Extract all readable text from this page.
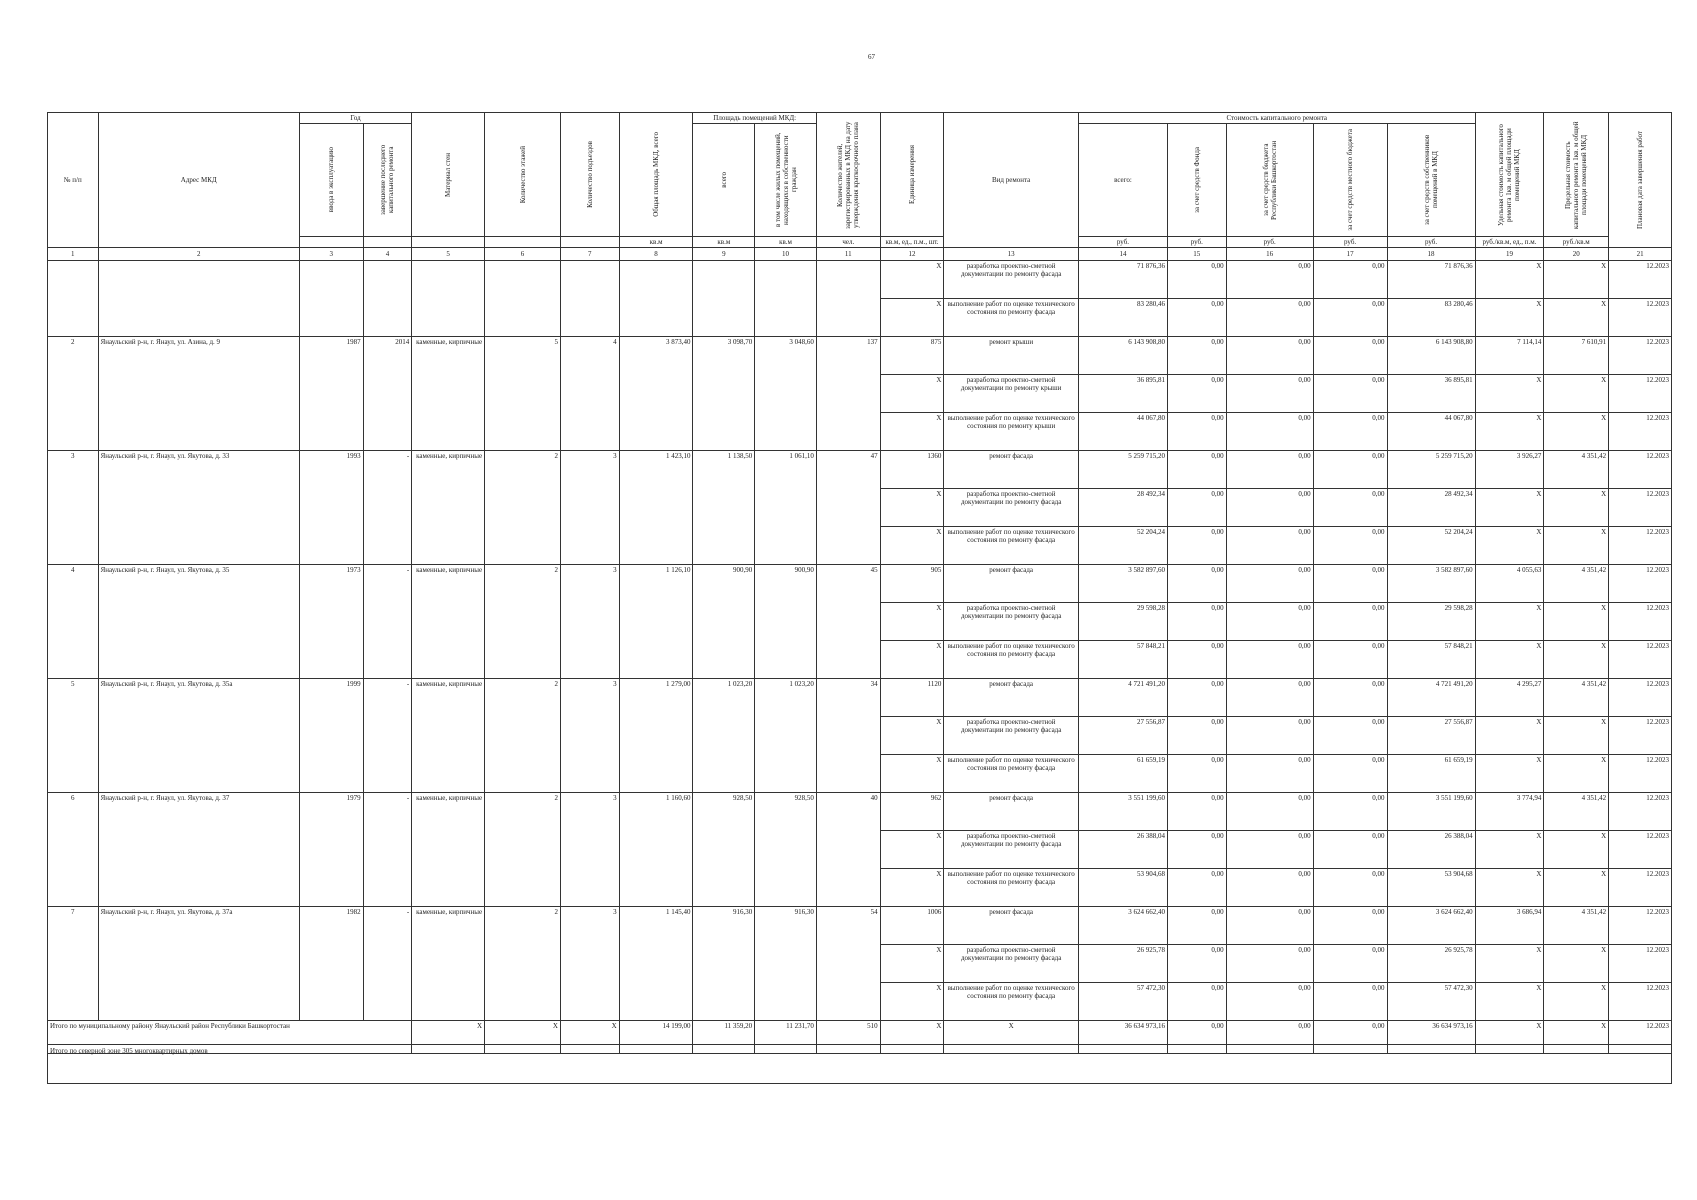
67
№ п/п	Адрес МКД	Год		Материал стен	Количество этажей	Количество подъездов	Общая площадь МКД, всего	Площадь помещений МКД:		Количество жителей, зарегистрированных в МКД на дату утверждения краткосрочного плана	Единица измерения	Вид ремонта	Стоимость капитального ремонта					Удельная стоимость капитального ремонта 1кв. м общей площади помещений МКД	Предельная стоимость капитального ремонта 1кв. м общей площади помещений МКД	Плановая дата завершения работ

		ввода в эксплуатацию	завершение последнего капитального ремонта					всего	в том числе жилых помещений, находящихся в собственности граждан				всего:	за счет средств Фонда	за счет средств бюджета Республики Башкортостан	за счет средств местного бюджета	за счет средств собственников помещений в МКД			

							кв.м	кв.м	кв.м	чел.	кв.м, ед., п.м., шт.		руб.	руб.	руб.	руб.	руб.	руб./кв.м, ед., п.м.	руб./кв.м	
1	2	3	4	5	6	7	8	9	10	11	12	13	14	15	16	17	18	19	20	21
											X	разработка проектно-сметной документации по ремонту фасада	71 876,36	0,00	0,00	0,00	71 876,36	X	X	12.2023
											X	выполнение работ по оценке технического состояния по ремонту фасада	83 280,46	0,00	0,00	0,00	83 280,46	X	X	12.2023
2	Янаульский р-н, г. Янаул, ул. Азина, д. 9	1987	2014	каменные, кирпичные	5	4	3 873,40	3 098,70	3 048,60	137	875	ремонт крыши	6 143 908,80	0,00	0,00	0,00	6 143 908,80	7 114,14	7 610,91	12.2023
											X	разработка проектно-сметной документации по ремонту крыши	36 895,81	0,00	0,00	0,00	36 895,81	X	X	12.2023
											X	выполнение работ по оценке технического состояния по ремонту крыши	44 067,80	0,00	0,00	0,00	44 067,80	X	X	12.2023
3	Янаульский р-н, г. Янаул, ул. Якутова, д. 33	1993	-	каменные, кирпичные	2	3	1 423,10	1 138,50	1 061,10	47	1360	ремонт фасада	5 259 715,20	0,00	0,00	0,00	5 259 715,20	3 926,27	4 351,42	12.2023
											X	разработка проектно-сметной документации по ремонту фасада	28 492,34	0,00	0,00	0,00	28 492,34	X	X	12.2023
											X	выполнение работ по оценке технического состояния по ремонту фасада	52 204,24	0,00	0,00	0,00	52 204,24	X	X	12.2023
4	Янаульский р-н, г. Янаул, ул. Якутова, д. 35	1973	-	каменные, кирпичные	2	3	1 126,10	900,90	900,90	45	905	ремонт фасада	3 582 897,60	0,00	0,00	0,00	3 582 897,60	4 055,63	4 351,42	12.2023
											X	разработка проектно-сметной документации по ремонту фасада	29 598,28	0,00	0,00	0,00	29 598,28	X	X	12.2023
											X	выполнение работ по оценке технического состояния по ремонту фасада	57 848,21	0,00	0,00	0,00	57 848,21	X	X	12.2023
5	Янаульский р-н, г. Янаул, ул. Якутова, д. 35а	1999	-	каменные, кирпичные	2	3	1 279,00	1 023,20	1 023,20	34	1120	ремонт фасада	4 721 491,20	0,00	0,00	0,00	4 721 491,20	4 295,27	4 351,42	12.2023
											X	разработка проектно-сметной документации по ремонту фасада	27 556,87	0,00	0,00	0,00	27 556,87	X	X	12.2023
											X	выполнение работ по оценке технического состояния по ремонту фасада	61 659,19	0,00	0,00	0,00	61 659,19	X	X	12.2023
6	Янаульский р-н, г. Янаул, ул. Якутова, д. 37	1979	-	каменные, кирпичные	2	3	1 160,60	928,50	928,50	40	962	ремонт фасада	3 551 199,60	0,00	0,00	0,00	3 551 199,60	3 774,94	4 351,42	12.2023
											X	разработка проектно-сметной документации по ремонту фасада	26 388,04	0,00	0,00	0,00	26 388,04	X	X	12.2023
											X	выполнение работ по оценке технического состояния по ремонту фасада	53 904,68	0,00	0,00	0,00	53 904,68	X	X	12.2023
7	Янаульский р-н, г. Янаул, ул. Якутова, д. 37а	1982	-	каменные, кирпичные	2	3	1 145,40	916,30	916,30	54	1006	ремонт фасада	3 624 662,40	0,00	0,00	0,00	3 624 662,40	3 686,94	4 351,42	12.2023
											X	разработка проектно-сметной документации по ремонту фасада	26 925,78	0,00	0,00	0,00	26 925,78	X	X	12.2023
											X	выполнение работ по оценке технического состояния по ремонту фасада	57 472,30	0,00	0,00	0,00	57 472,30	X	X	12.2023
Итого по муниципальному району Янаульский район Республики Башкортостан				X	X	X	14 199,00	11 359,20	11 231,70	510	X	X	36 634 973,16	0,00	0,00	0,00	36 634 973,16	X	X	12.2023
Итого по северной зоне 305 многоквартирных домов
